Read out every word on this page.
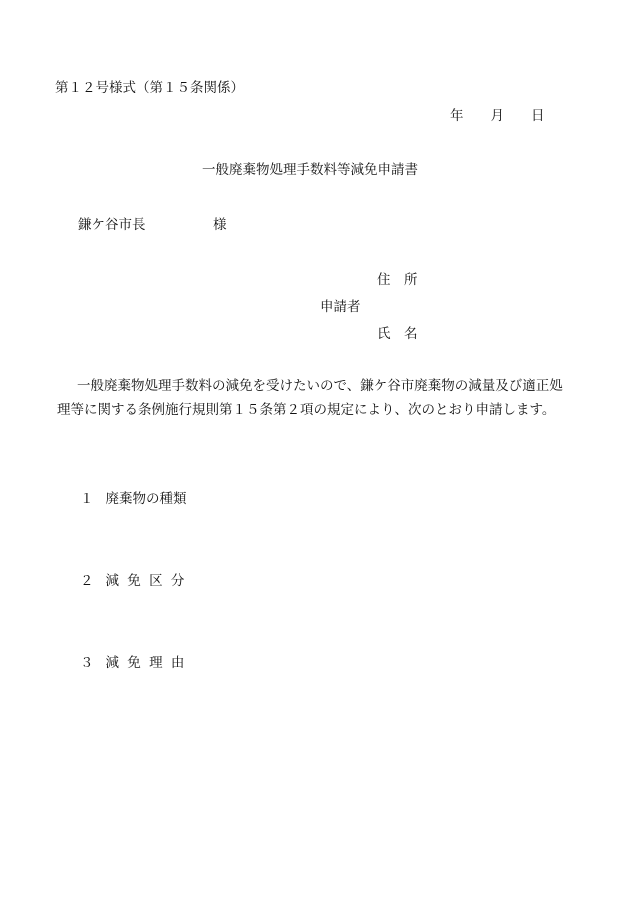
第１２号様式（第１５条関係）
年　　月　　日
一般廃棄物処理手数料等減免申請書
鎌ケ谷市長　　　　　様
住　所
申請者
氏　名
一般廃棄物処理手数料の減免を受けたいので、鎌ケ谷市廃棄物の減量及び適正処理等に関する条例施行規則第１５条第２項の規定により、次のとおり申請します。
１ 廃棄物の種類
２ 減 免 区 分
３ 減 免 理 由
